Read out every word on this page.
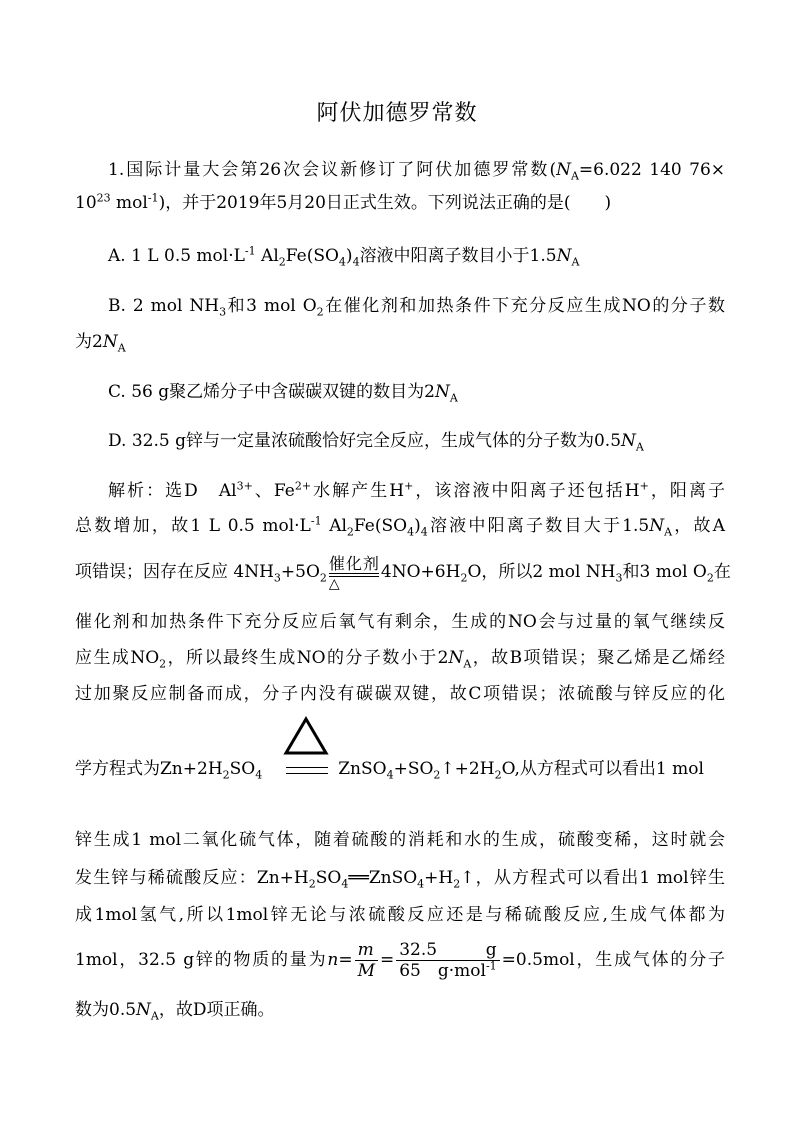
阿伏加德罗常数
1.国际计量大会第26次会议新修订了阿伏加德罗常数($N_A=6.022$ 140 76×
$10^{23}$ mol$^{-1}$)，并于2019年5月20日正式生效。下列说法正确的是(　　)
A. 1 L 0.5 $mol\cdot L^{-1}$ $Al_2Fe(SO_4)_4$溶液中阳离子数目小于$1.5N_A$
B. 2 mol $NH_3$和3 mol $O_2$在催化剂和加热条件下充分反应生成NO的分子数
为$2N_A$
C. 56 g聚乙烯分子中含碳碳双键的数目为$2N_A$
D. 32.5 g锌与一定量浓硫酸恰好完全反应，生成气体的分子数为$0.5N_A$
解析：选D　$Al^{3+}$、$Fe^{2+}$水解产生H+，该溶液中阳离子还包括H+，阳离子
总数增加，故1 L 0.5 $mol\cdot L^{-1}$ $Al_2Fe(SO_4)_4$溶液中阳离子数目大于$1.5N_A$，故A
项错误；因存在反应 $4NH_3+5O_2$
催化剂
△
$4NO+6H_2O$，所以2 mol $NH_3$和3 mol $O_2$在
催化剂和加热条件下充分反应后氧气有剩余，生成的NO会与过量的氧气继续反
应生成$NO_2$，所以最终生成NO的分子数小于$2N_A$，故B项错误；聚乙烯是乙烯经
过加聚反应制备而成，分子内没有碳碳双键，故C项错误；浓硫酸与锌反应的化
学方程式为$Zn+2H_2SO_4$	$ZnSO_4+SO_2↑+2H_2O$,从方程式可以看出1 mol
锌生成1 mol二氧化硫气体，随着硫酸的消耗和水的生成，硫酸变稀，这时就会
发生锌与稀硫酸反应：$Zn+H_2SO_4══ZnSO_4+H_2↑$，从方程式可以看出1 mol锌生
成1mol氢气,所以1mol锌无论与浓硫酸反应还是与稀硫酸反应,生成气体都为
1mol，32.5 g锌的物质的量为$n= \frac{m}{M} = \frac{32.5 g}{65 g\cdot mol^{-1}} =0.5mol$，生成气体的分子
数为$0.5N_A$，故D项正确。
